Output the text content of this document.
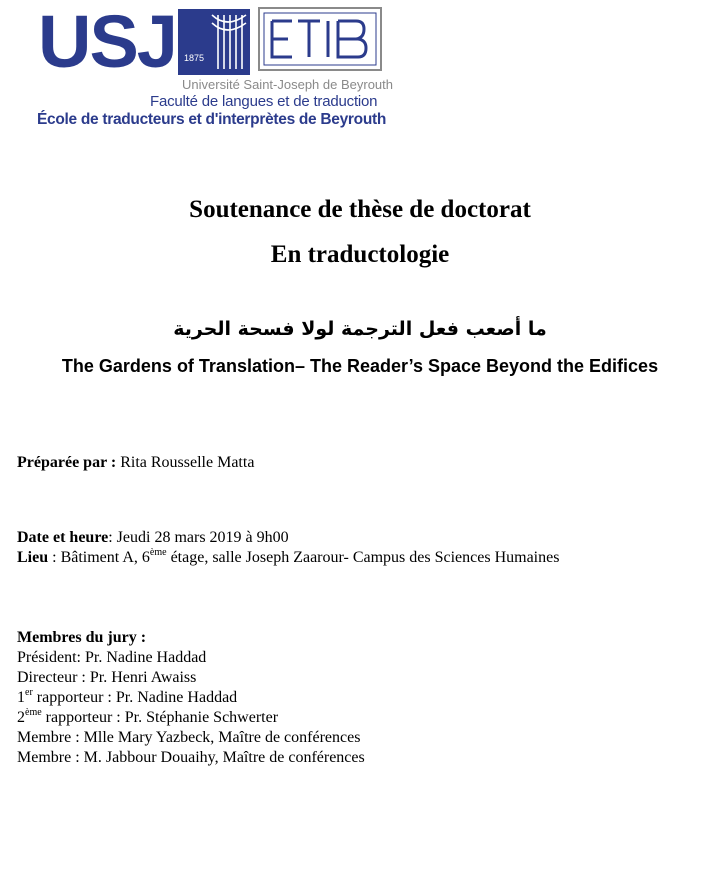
USJ 1875
Université Saint-Joseph de Beyrouth
Faculté de langues et de traduction
École de traducteurs et d'interprètes de Beyrouth
Soutenance de thèse de doctorat
En traductologie
ما أصعب فعل الترجمة لولا فسحة الحرية
The Gardens of Translation– The Reader’s Space Beyond the Edifices
Préparée par : Rita Rousselle Matta
Date et heure: Jeudi 28 mars 2019 à 9h00
Lieu : Bâtiment A, 6ème étage, salle Joseph Zaarour- Campus des Sciences Humaines
Membres du jury :
Président: Pr. Nadine Haddad
Directeur : Pr. Henri Awaiss
1er rapporteur : Pr. Nadine Haddad
2ème rapporteur : Pr. Stéphanie Schwerter
Membre : Mlle Mary Yazbeck, Maître de conférences
Membre : M. Jabbour Douaihy, Maître de conférences
